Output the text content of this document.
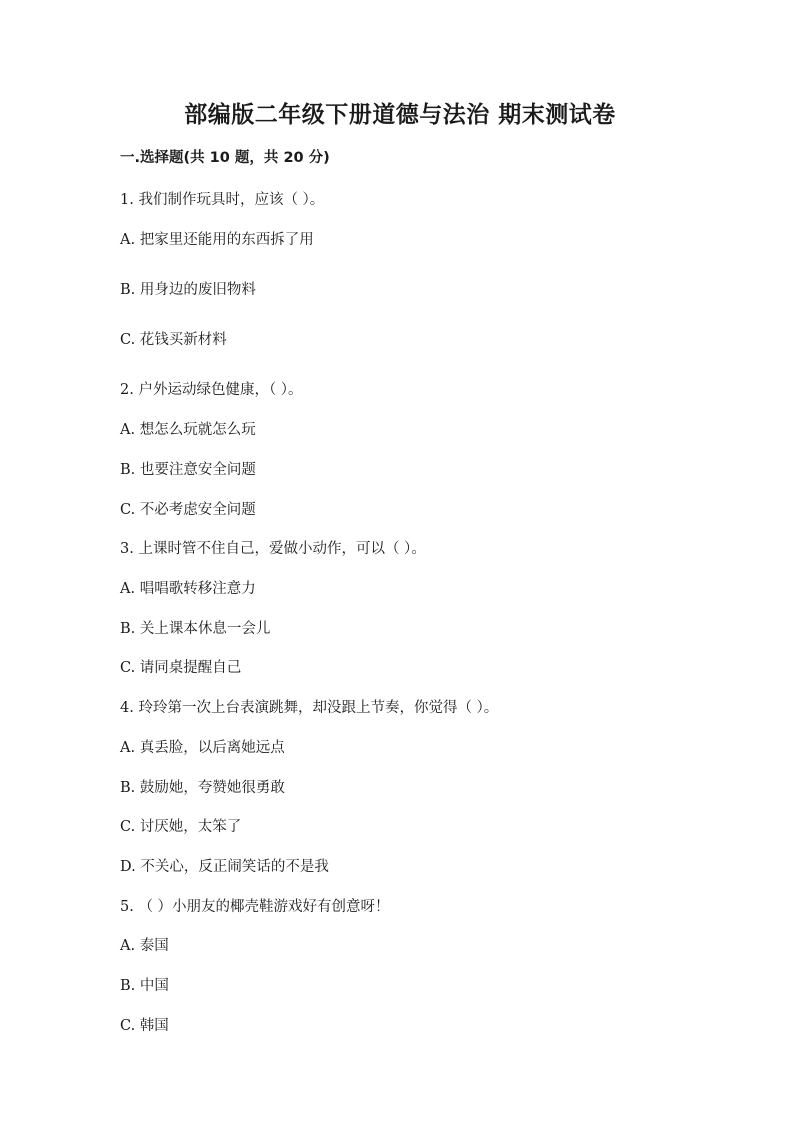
部编版二年级下册道德与法治 期末测试卷
一.选择题(共 10 题，共 20 分)
1. 我们制作玩具时，应该（ ）。
A. 把家里还能用的东西拆了用
B. 用身边的废旧物料
C. 花钱买新材料
2. 户外运动绿色健康，（ ）。
A. 想怎么玩就怎么玩
B. 也要注意安全问题
C. 不必考虑安全问题
3. 上课时管不住自己，爱做小动作，可以（ ）。
A. 唱唱歌转移注意力
B. 关上课本休息一会儿
C. 请同桌提醒自己
4. 玲玲第一次上台表演跳舞，却没跟上节奏，你觉得（ ）。
A. 真丢脸，以后离她远点
B. 鼓励她，夸赞她很勇敢
C. 讨厌她，太笨了
D. 不关心，反正闹笑话的不是我
5. （ ）小朋友的椰壳鞋游戏好有创意呀！
A. 泰国
B. 中国
C. 韩国
